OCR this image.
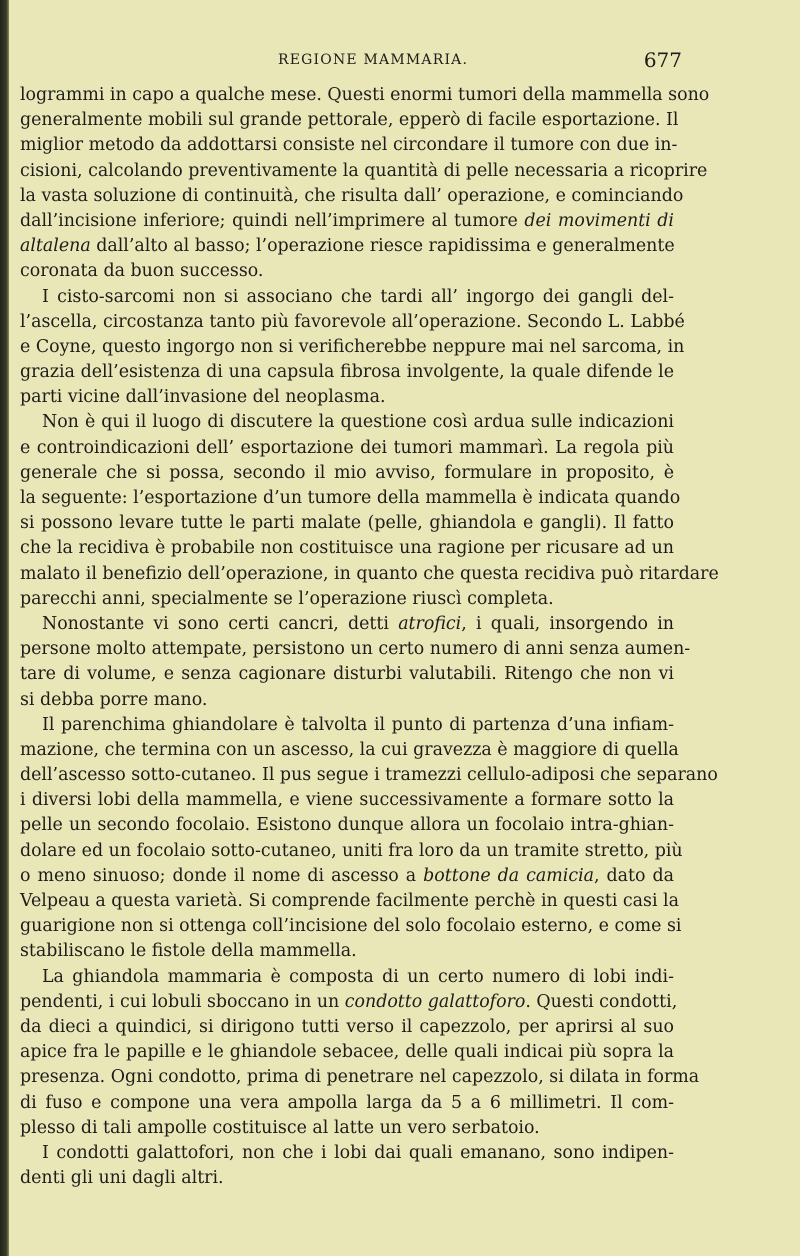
REGIONE MAMMARIA.	677
logrammi in capo a qualche mese. Questi enormi tumori della mammella sono
generalmente mobili sul grande pettorale, epperò di facile esportazione. Il
miglior metodo da addottarsi consiste nel circondare il tumore con due in-
cisioni, calcolando preventivamente la quantità di pelle necessaria a ricoprire
la vasta soluzione di continuità, che risulta dall’ operazione, e cominciando
dall’incisione inferiore; quindi nell’imprimere al tumore dei movimenti di
altalena dall’alto al basso; l’operazione riesce rapidissima e generalmente
coronata da buon successo.
I cisto-sarcomi non si associano che tardi all’ ingorgo dei gangli del-
l’ascella, circostanza tanto più favorevole all’operazione. Secondo L. Labbé
e Coyne, questo ingorgo non si verificherebbe neppure mai nel sarcoma, in
grazia dell’esistenza di una capsula fibrosa involgente, la quale difende le
parti vicine dall’invasione del neoplasma.
Non è qui il luogo di discutere la questione così ardua sulle indicazioni
e controindicazioni dell’ esportazione dei tumori mammarì. La regola più
generale che si possa, secondo il mio avviso, formulare in proposito, è
la seguente: l’esportazione d’un tumore della mammella è indicata quando
si possono levare tutte le parti malate (pelle, ghiandola e gangli). Il fatto
che la recidiva è probabile non costituisce una ragione per ricusare ad un
malato il benefizio dell’operazione, in quanto che questa recidiva può ritardare
parecchi anni, specialmente se l’operazione riuscì completa.
Nonostante vi sono certi cancri, detti atrofici, i quali, insorgendo in
persone molto attempate, persistono un certo numero di anni senza aumen-
tare di volume, e senza cagionare disturbi valutabili. Ritengo che non vi
si debba porre mano.
Il parenchima ghiandolare è talvolta il punto di partenza d’una infiam-
mazione, che termina con un ascesso, la cui gravezza è maggiore di quella
dell’ascesso sotto-cutaneo. Il pus segue i tramezzi cellulo-adiposi che separano
i diversi lobi della mammella, e viene successivamente a formare sotto la
pelle un secondo focolaio. Esistono dunque allora un focolaio intra-ghian-
dolare ed un focolaio sotto-cutaneo, uniti fra loro da un tramite stretto, più
o meno sinuoso; donde il nome di ascesso a bottone da camicia, dato da
Velpeau a questa varietà. Si comprende facilmente perchè in questi casi la
guarigione non si ottenga coll’incisione del solo focolaio esterno, e come si
stabiliscano le fistole della mammella.
La ghiandola mammaria è composta di un certo numero di lobi indi-
pendenti, i cui lobuli sboccano in un condotto galattoforo. Questi condotti,
da dieci a quindici, si dirigono tutti verso il capezzolo, per aprirsi al suo
apice fra le papille e le ghiandole sebacee, delle quali indicai più sopra la
presenza. Ogni condotto, prima di penetrare nel capezzolo, si dilata in forma
di fuso e compone una vera ampolla larga da 5 a 6 millimetri. Il com-
plesso di tali ampolle costituisce al latte un vero serbatoio.
I condotti galattofori, non che i lobi dai quali emanano, sono indipen-
denti gli uni dagli altri.
